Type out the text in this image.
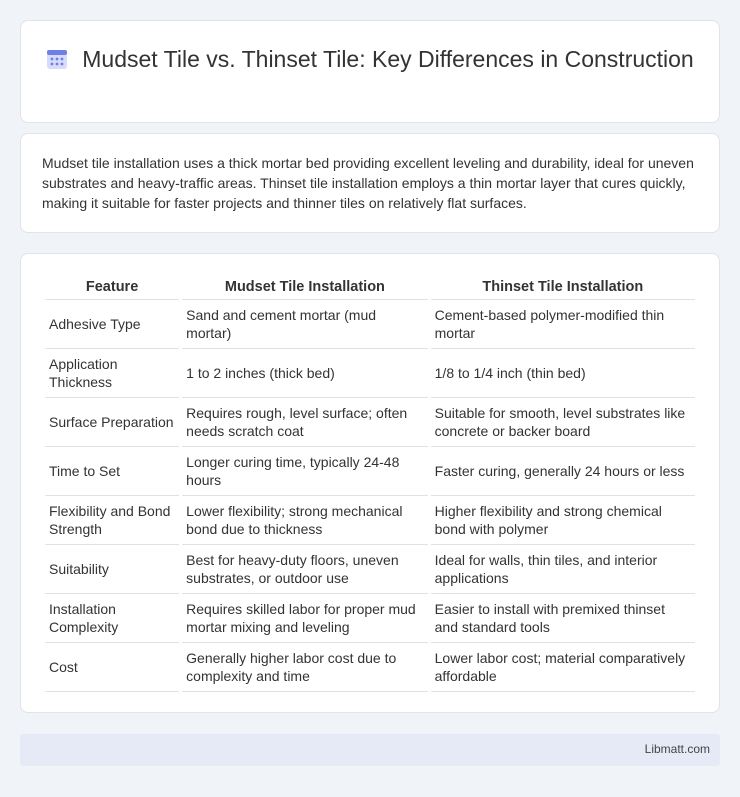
Mudset Tile vs. Thinset Tile: Key Differences in Construction

Mudset tile installation uses a thick mortar bed providing excellent leveling and durability, ideal for uneven substrates and heavy-traffic areas. Thinset tile installation employs a thin mortar layer that cures quickly, making it suitable for faster projects and thinner tiles on relatively flat surfaces.

Feature	Mudset Tile Installation	Thinset Tile Installation
Adhesive Type	Sand and cement mortar (mud mortar)	Cement-based polymer-modified thin mortar
Application Thickness	1 to 2 inches (thick bed)	1/8 to 1/4 inch (thin bed)
Surface Preparation	Requires rough, level surface; often needs scratch coat	Suitable for smooth, level substrates like concrete or backer board
Time to Set	Longer curing time, typically 24-48 hours	Faster curing, generally 24 hours or less
Flexibility and Bond Strength	Lower flexibility; strong mechanical bond due to thickness	Higher flexibility and strong chemical bond with polymer
Suitability	Best for heavy-duty floors, uneven substrates, or outdoor use	Ideal for walls, thin tiles, and interior applications
Installation Complexity	Requires skilled labor for proper mud mortar mixing and leveling	Easier to install with premixed thinset and standard tools
Cost	Generally higher labor cost due to complexity and time	Lower labor cost; material comparatively affordable
Libmatt.com
